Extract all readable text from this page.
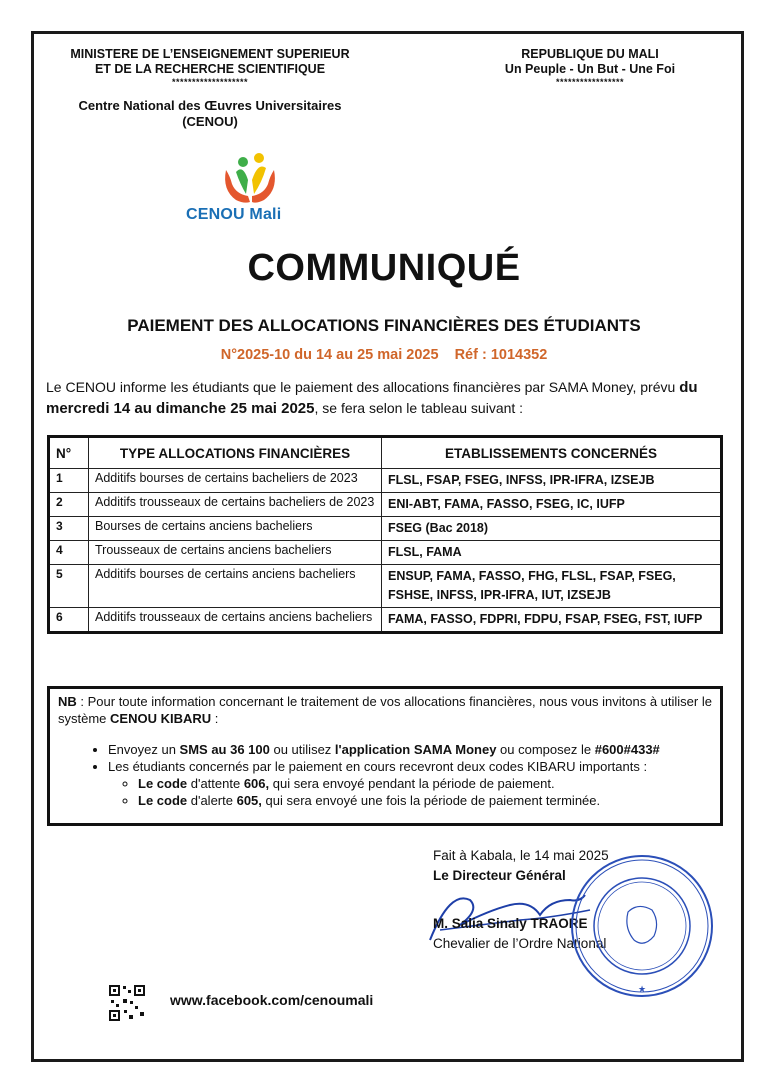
MINISTERE DE L’ENSEIGNEMENT SUPERIEUR
ET DE LA RECHERCHE SCIENTIFIQUE
*******************
Centre National des Œuvres Universitaires
(CENOU)
REPUBLIQUE DU MALI
Un Peuple - Un But - Une Foi
*****************
CENOU Mali
COMMUNIQUÉ
PAIEMENT DES ALLOCATIONS FINANCIÈRES DES ÉTUDIANTS
N°2025-10 du 14 au 25 mai 2025 Réf : 1014352
Le CENOU informe les étudiants que le paiement des allocations financières par SAMA Money, prévu du mercredi 14 au dimanche 25 mai 2025, se fera selon le tableau suivant :
N°	TYPE ALLOCATIONS FINANCIÈRES	ETABLISSEMENTS CONCERNÉS
1	Additifs bourses de certains bacheliers de 2023	FLSL, FSAP, FSEG, INFSS, IPR-IFRA, IZSEJB
2	Additifs trousseaux de certains bacheliers de 2023	ENI-ABT, FAMA, FASSO, FSEG, IC, IUFP
3	Bourses de certains anciens bacheliers	FSEG (Bac 2018)
4	Trousseaux de certains anciens bacheliers	FLSL, FAMA
5	Additifs bourses de certains anciens bacheliers	ENSUP, FAMA, FASSO, FHG, FLSL, FSAP, FSEG, FSHSE, INFSS, IPR-IFRA, IUT, IZSEJB
6	Additifs trousseaux de certains anciens bacheliers	FAMA, FASSO, FDPRI, FDPU, FSAP, FSEG, FST, IUFP
NB : Pour toute information concernant le traitement de vos allocations financières, nous vous invitons à utiliser le système CENOU KIBARU :
• Envoyez un SMS au 36 100 ou utilisez l'application SAMA Money ou composez le #600#433#
• Les étudiants concernés par le paiement en cours recevront deux codes KIBARU importants :
◦ Le code d'attente 606, qui sera envoyé pendant la période de paiement.
◦ Le code d'alerte 605, qui sera envoyé une fois la période de paiement terminée.
Fait à Kabala, le 14 mai 2025
Le Directeur Général
M. Salia Sinaly TRAORE
Chevalier de l’Ordre National
★
www.facebook.com/cenoumali
